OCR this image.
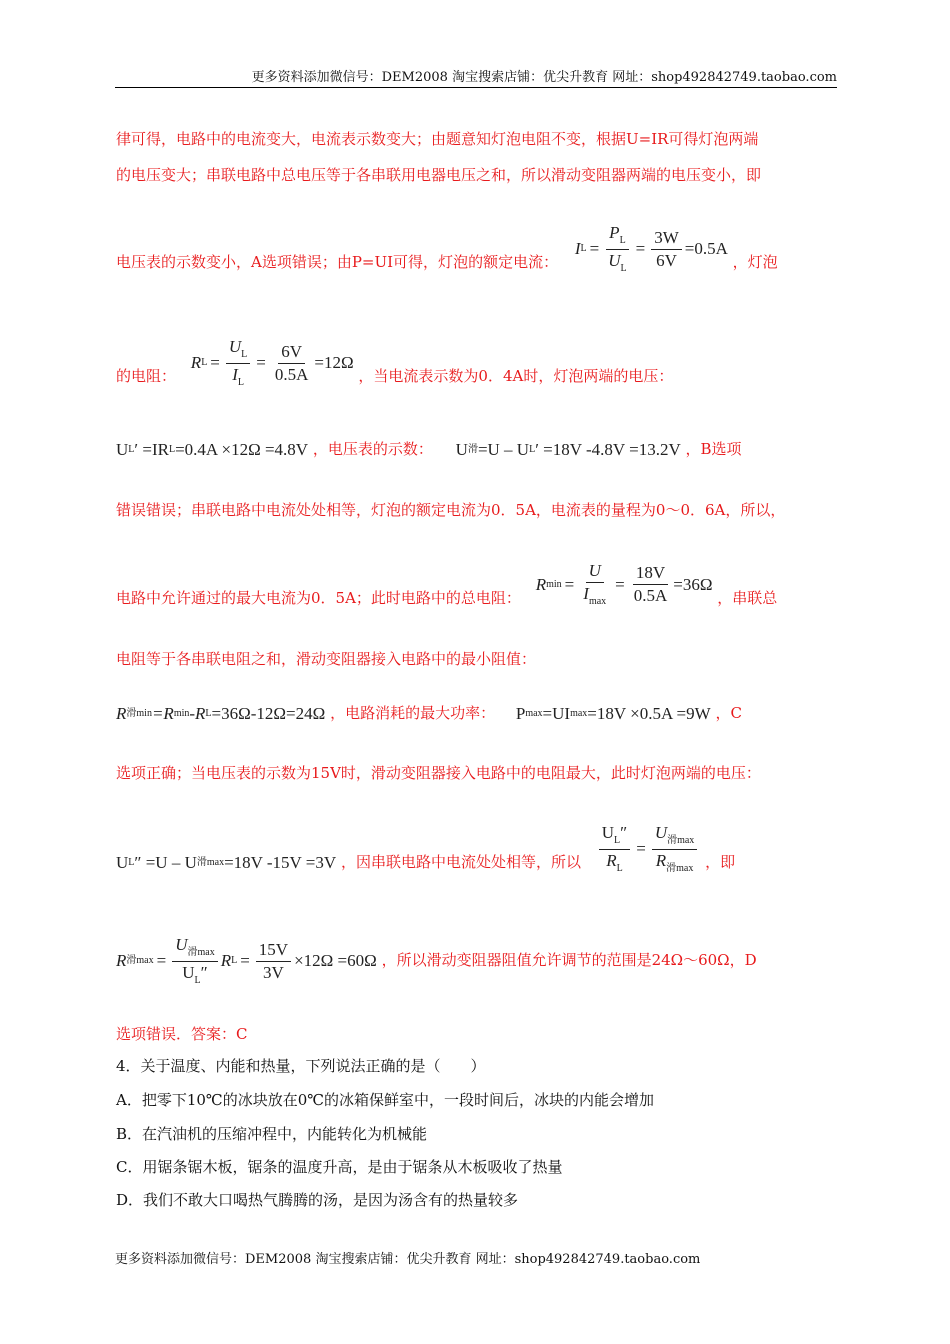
更多资料添加微信号：DEM2008 淘宝搜索店铺：优尖升教育 网址：shop492842749.taobao.com
律可得，电路中的电流变大，电流表示数变大；由题意知灯泡电阻不变，根据U=IR可得灯泡两端
的电压变大；串联电路中总电压等于各串联用电器电压之和，所以滑动变阻器两端的电压变小，即
电压表的示数变小，A选项错误；由P=UI可得，灯泡的额定电流：
I $L = \frac{P_L}{U_L} = \frac{3W}{6V} =0.5A$
，灯泡
的电阻：
R $L = \frac{U_L}{I_L} = \frac{6V}{0.5A} =12\Omega$
，当电流表示数为0．4A时，灯泡两端的电压：
U L ′ =IR L =0.4A ×12Ω =4.8V ，电压表的示数： U 滑 =U – U L ′ =18V -4.8V =13.2V ，B选项
错误错误；串联电路中电流处处相等，灯泡的额定电流为0．5A，电流表的量程为0～0．6A，所以，
电路中允许通过的最大电流为0．5A；此时电路中的总电阻：
R $\min = \frac{U}{I_{max}} = \frac{18V}{0.5A} =36\Omega$
，串联总
电阻等于各串联电阻之和，滑动变阻器接入电路中的最小阻值：
R 滑min =R min -R L =36Ω-12Ω=24Ω ，电路消耗的最大功率： P max =UI max =18V ×0.5A =9W ，C
选项正确；当电压表的示数为15V时，滑动变阻器接入电路中的电阻最大，此时灯泡两端的电压：
U L ″ =U – U 滑max =18V -15V =3V ，因串联电路中电流处处相等，所以 $\frac{U_L''}{R_L} = \frac{U_{滑max}}{R_{滑max}}$ ，即
R 滑$\max = \frac{U_{滑max}}{U_L''}$ R $L = \frac{15V}{3V} \times 12\Omega =60\Omega$ ，所以滑动变阻器阻值允许调节的范围是24Ω～60Ω，D
选项错误．答案：C
4．关于温度、内能和热量，下列说法正确的是（　　）
A．把零下10℃的冰块放在0℃的冰箱保鲜室中，一段时间后，冰块的内能会增加
B．在汽油机的压缩冲程中，内能转化为机械能
C．用锯条锯木板，锯条的温度升高，是由于锯条从木板吸收了热量
D．我们不敢大口喝热气腾腾的汤，是因为汤含有的热量较多
更多资料添加微信号：DEM2008 淘宝搜索店铺：优尖升教育 网址：shop492842749.taobao.com
